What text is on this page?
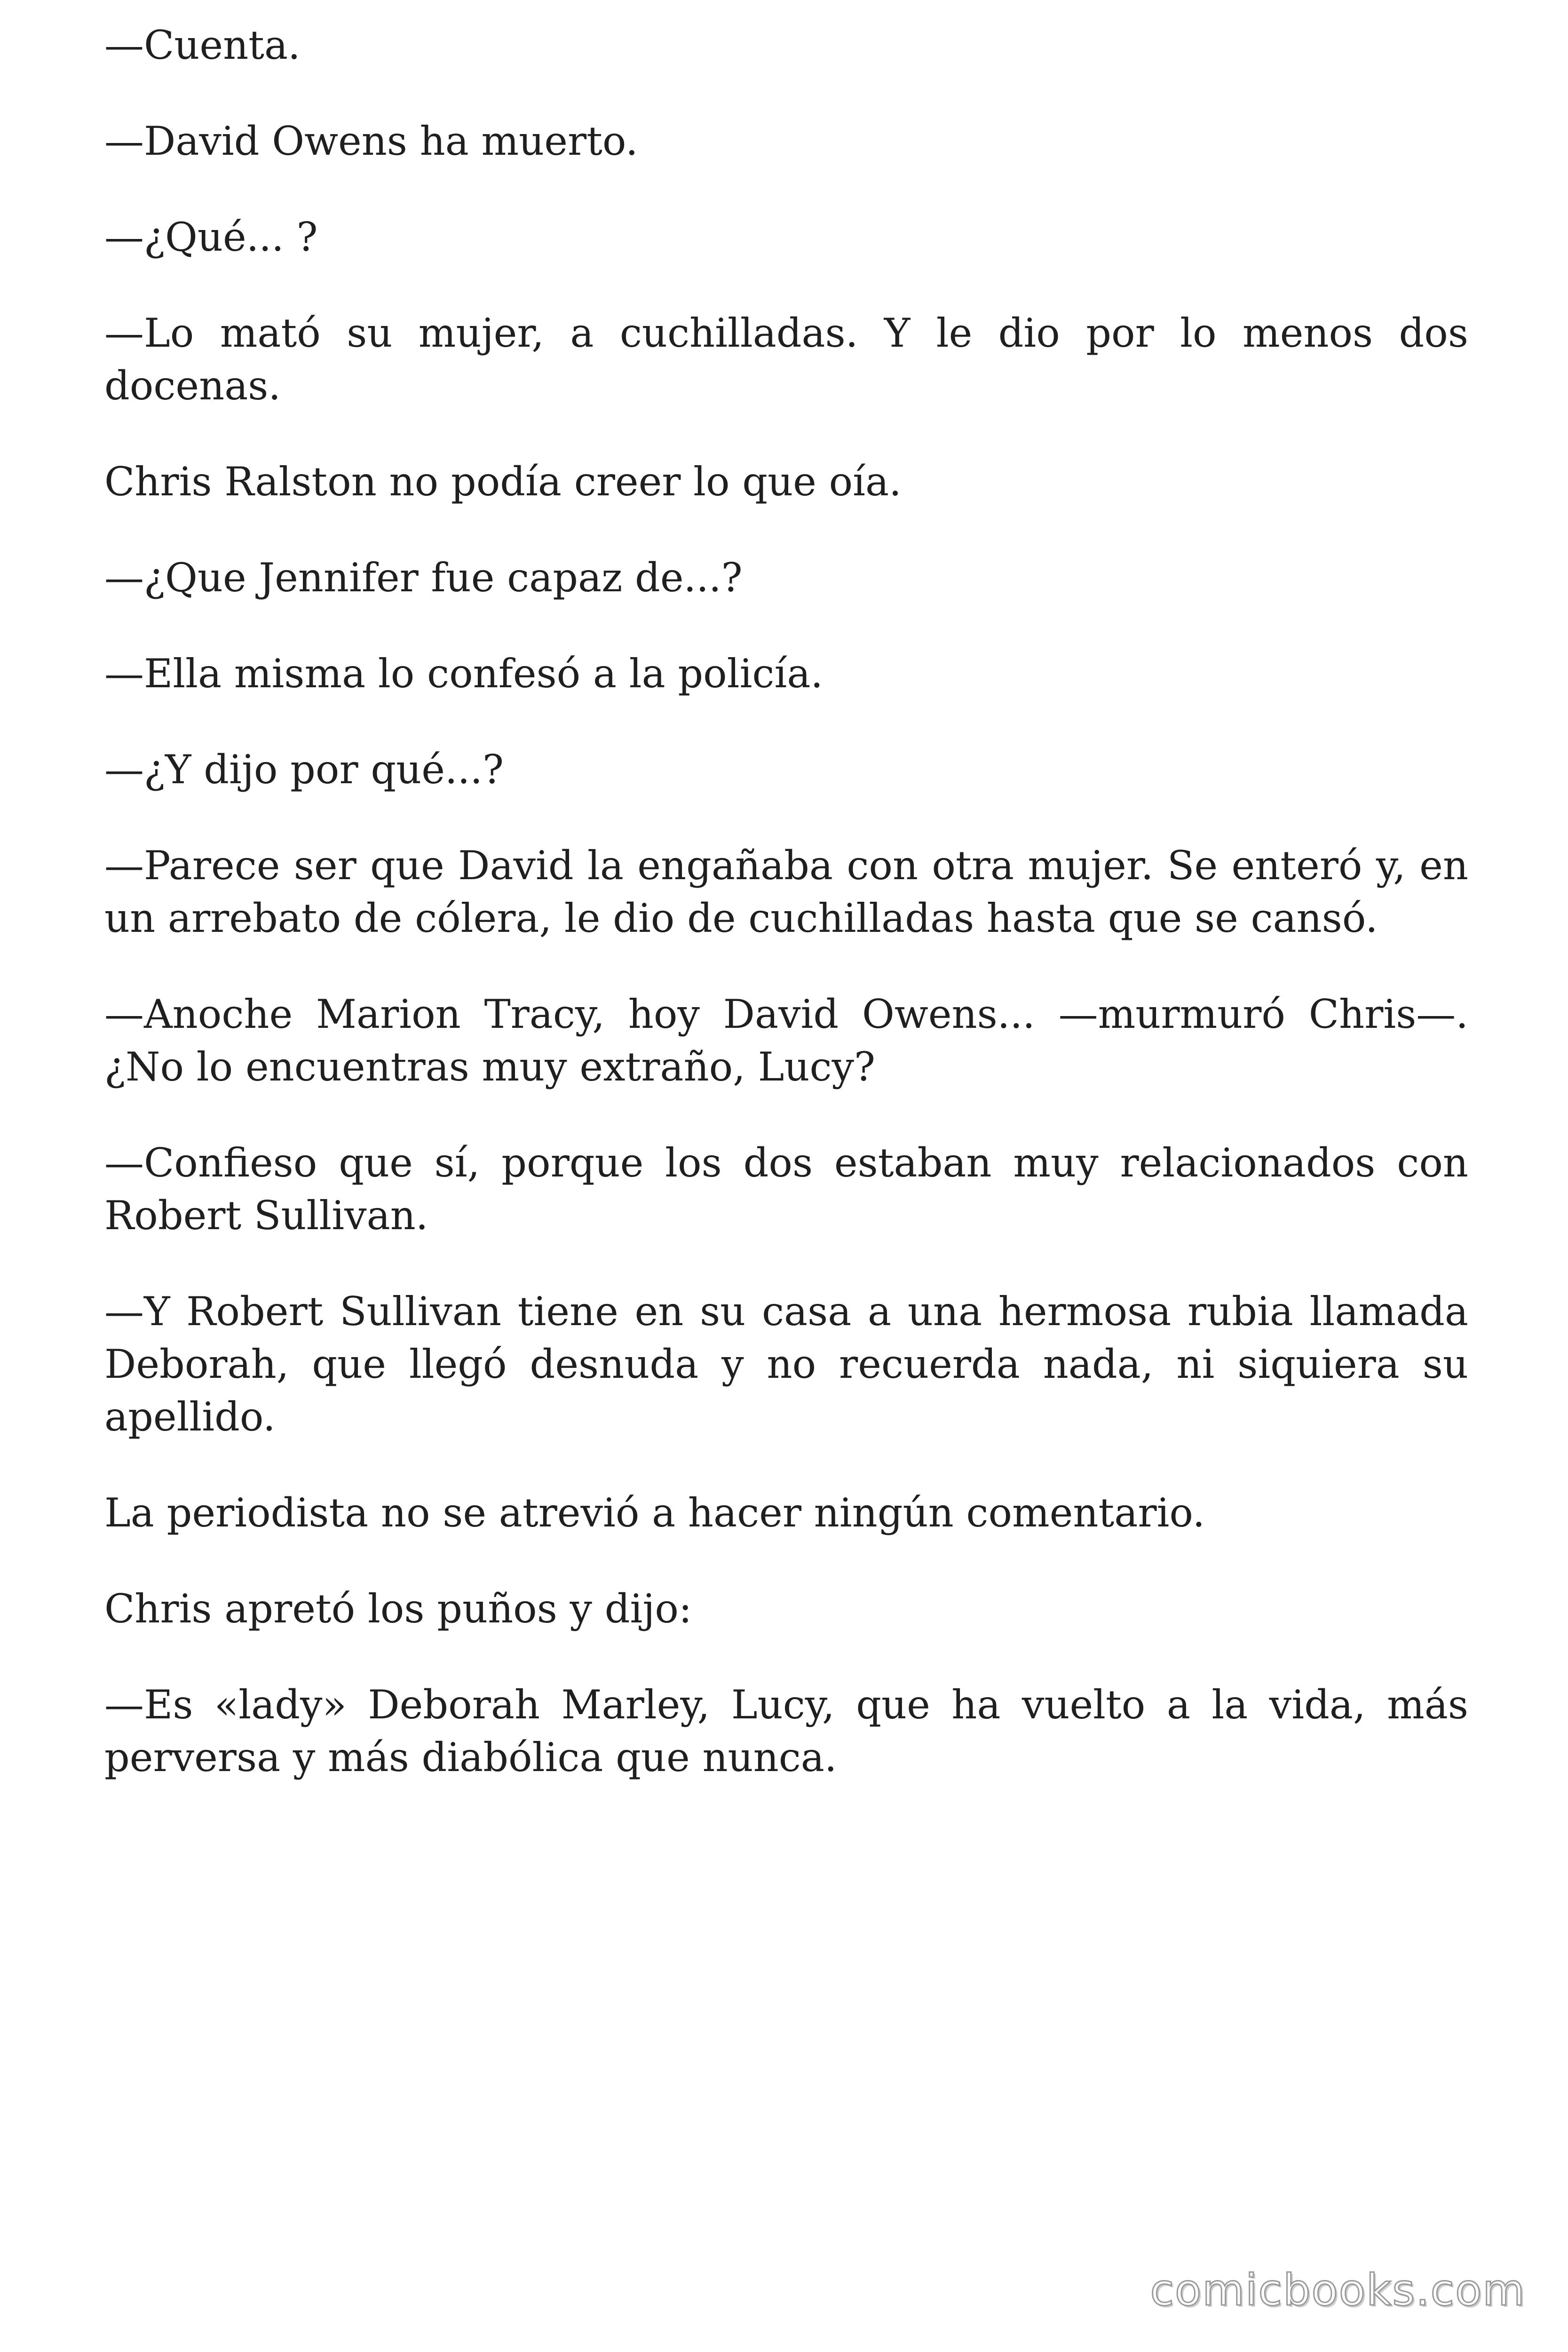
—Cuenta.

—David Owens ha muerto.

—¿Qué... ?

—Lo mató su mujer, a cuchilladas. Y le dio por lo menos dos docenas.

Chris Ralston no podía creer lo que oía.

—¿Que Jennifer fue capaz de...?

—Ella misma lo confesó a la policía.

—¿Y dijo por qué...?

—Parece ser que David la engañaba con otra mujer. Se enteró y, en un arrebato de cólera, le dio de cuchilladas hasta que se cansó.

—Anoche Marion Tracy, hoy David Owens... —murmuró Chris—. ¿No lo encuentras muy extraño, Lucy?

—Confieso que sí, porque los dos estaban muy relacionados con Robert Sullivan.

—Y Robert Sullivan tiene en su casa a una hermosa rubia llamada Deborah, que llegó desnuda y no recuerda nada, ni siquiera su apellido.

La periodista no se atrevió a hacer ningún comentario.

Chris apretó los puños y dijo:

—Es «lady» Deborah Marley, Lucy, que ha vuelto a la vida, más perversa y más diabólica que nunca.

comicbooks.com
